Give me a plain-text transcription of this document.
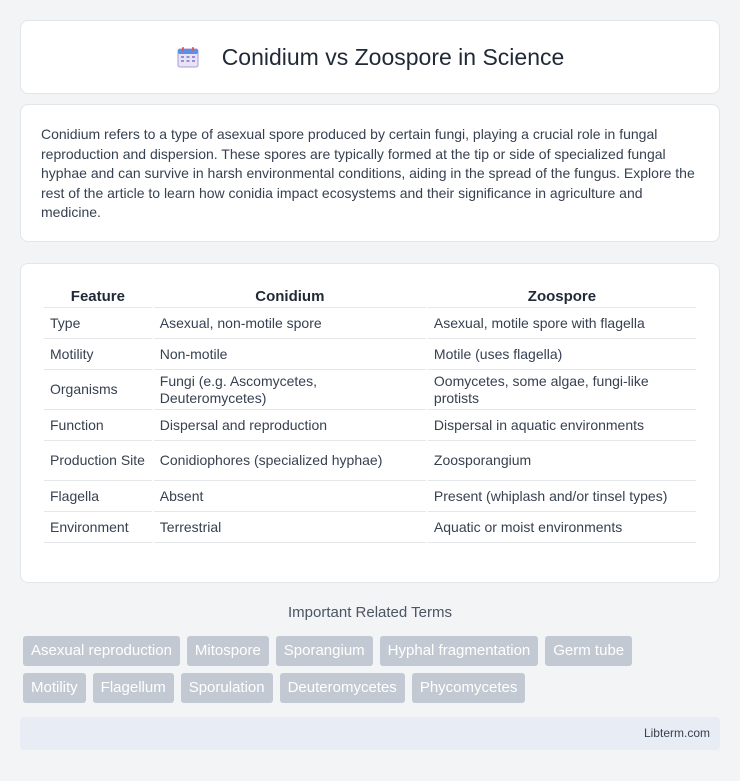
Conidium vs Zoospore in Science

Conidium refers to a type of asexual spore produced by certain fungi, playing a crucial role in fungal reproduction and dispersion. These spores are typically formed at the tip or side of specialized fungal hyphae and can survive in harsh environmental conditions, aiding in the spread of the fungus. Explore the rest of the article to learn how conidia impact ecosystems and their significance in agriculture and medicine.

Feature	Conidium	Zoospore
Type	Asexual, non-motile spore	Asexual, motile spore with flagella
Motility	Non-motile	Motile (uses flagella)
Organisms	Fungi (e.g. Ascomycetes, Deuteromycetes)	Oomycetes, some algae, fungi-like protists
Function	Dispersal and reproduction	Dispersal in aquatic environments
Production Site	Conidiophores (specialized hyphae)	Zoosporangium
Flagella	Absent	Present (whiplash and/or tinsel types)
Environment	Terrestrial	Aquatic or moist environments
Important Related Terms
Asexual reproduction	Mitospore	Sporangium	Hyphal fragmentation	Germ tube
Motility	Flagellum	Sporulation	Deuteromycetes	Phycomycetes
Libterm.com
